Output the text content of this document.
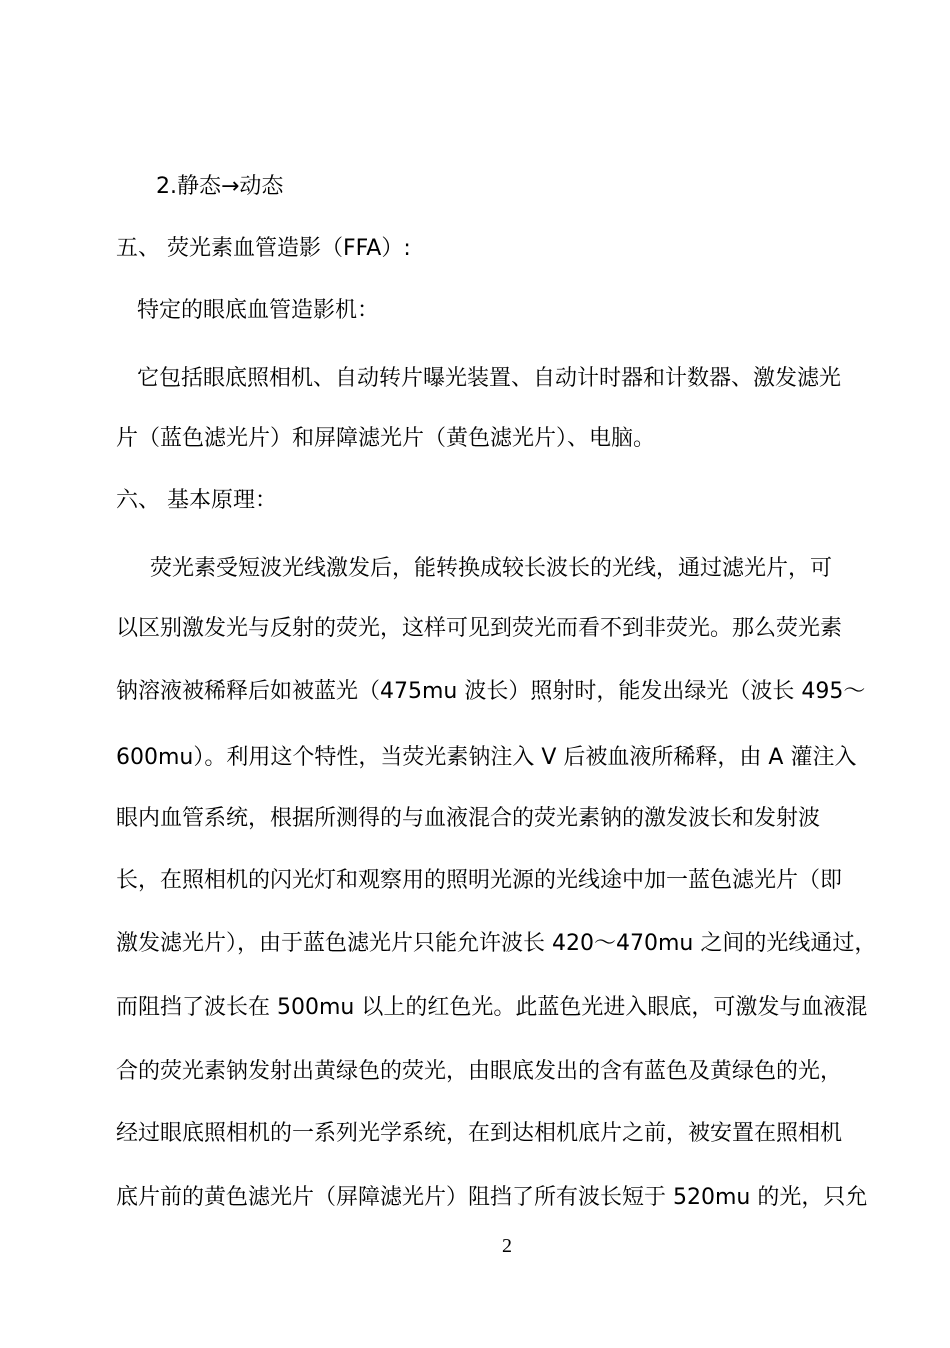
2.静态→动态
五、 荧光素血管造影（FFA）:
特定的眼底血管造影机：
它包括眼底照相机、自动转片曝光装置、自动计时器和计数器、激发滤光
片（蓝色滤光片）和屏障滤光片（黄色滤光片）、电脑。
六、 基本原理：
荧光素受短波光线激发后，能转换成较长波长的光线，通过滤光片，可
以区别激发光与反射的荧光，这样可见到荧光而看不到非荧光。那么荧光素
钠溶液被稀释后如被蓝光（475mu 波长）照射时，能发出绿光（波长 495～
600mu）。利用这个特性，当荧光素钠注入 V 后被血液所稀释，由 A 灌注入
眼内血管系统，根据所测得的与血液混合的荧光素钠的激发波长和发射波
长，在照相机的闪光灯和观察用的照明光源的光线途中加一蓝色滤光片（即
激发滤光片），由于蓝色滤光片只能允许波长 420～470mu 之间的光线通过，
而阻挡了波长在 500mu 以上的红色光。此蓝色光进入眼底，可激发与血液混
合的荧光素钠发射出黄绿色的荧光，由眼底发出的含有蓝色及黄绿色的光，
经过眼底照相机的一系列光学系统，在到达相机底片之前，被安置在照相机
底片前的黄色滤光片（屏障滤光片）阻挡了所有波长短于 520mu 的光，只允
2
